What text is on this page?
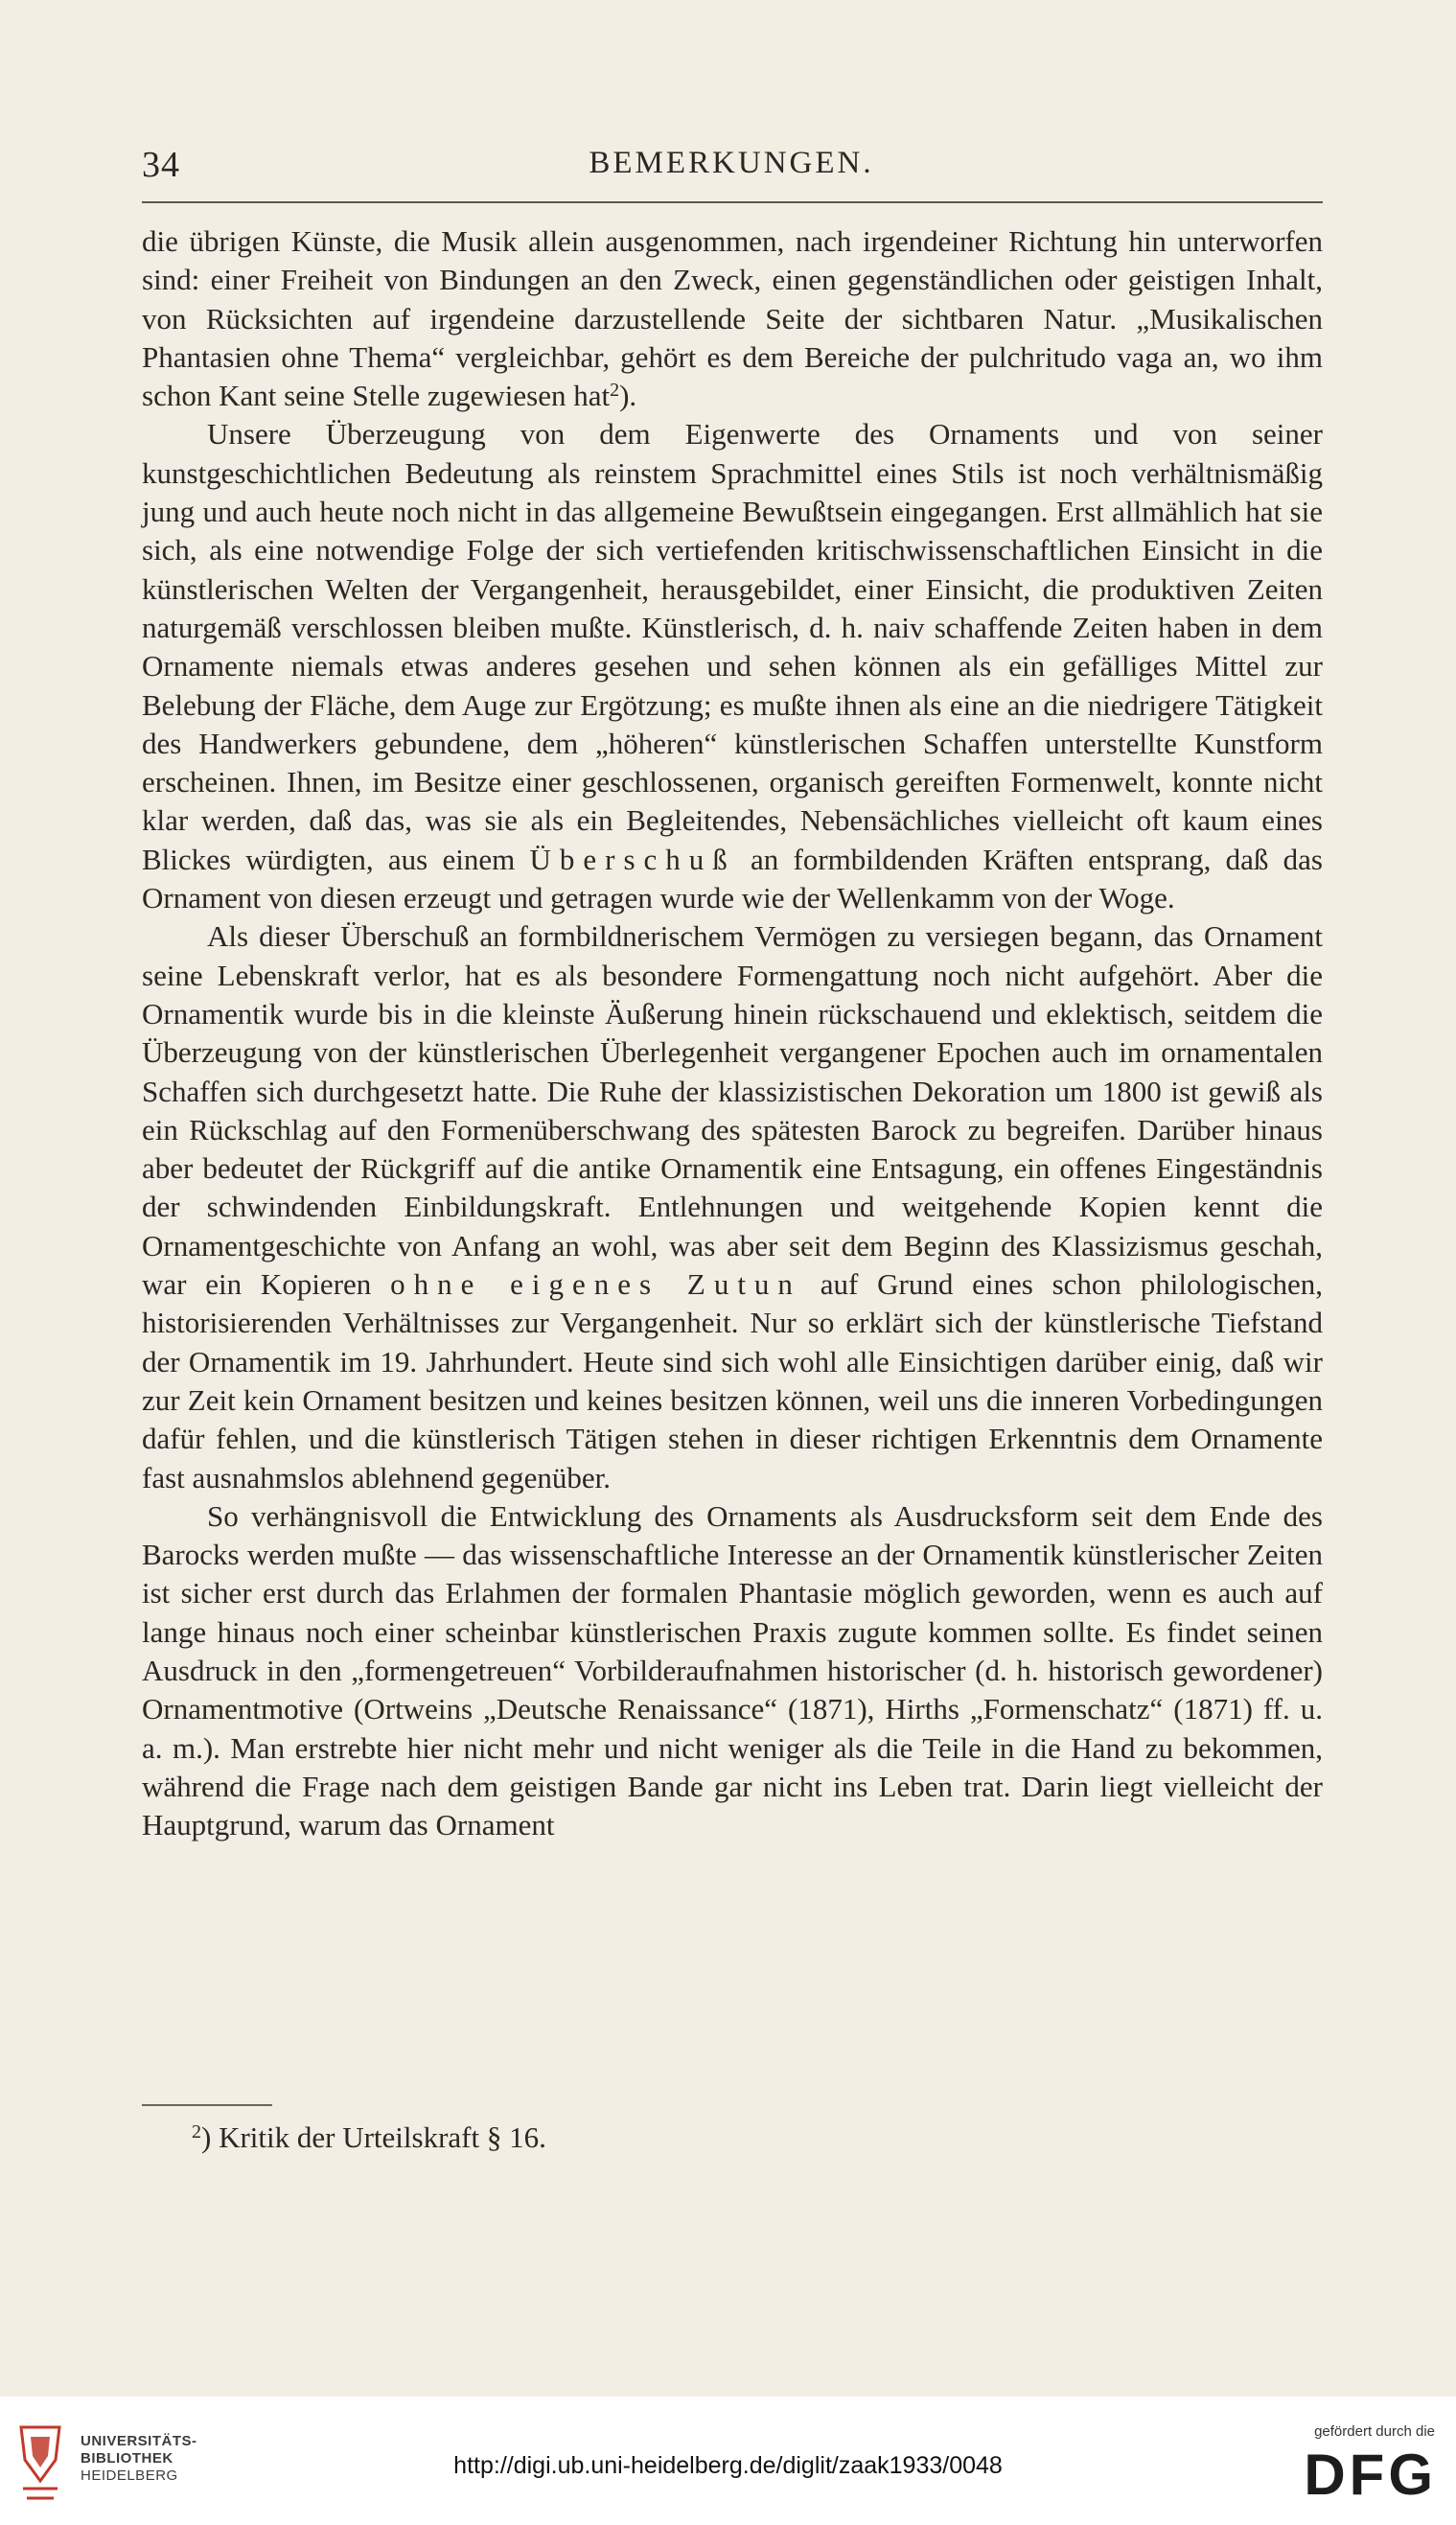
34	BEMERKUNGEN.

die übrigen Künste, die Musik allein ausgenommen, nach irgendeiner Richtung hin unterworfen sind: einer Freiheit von Bindungen an den Zweck, einen gegenständlichen oder geistigen Inhalt, von Rücksichten auf irgendeine darzustellende Seite der sichtbaren Natur. „Musikalischen Phantasien ohne Thema“ vergleichbar, gehört es dem Bereiche der pulchritudo vaga an, wo ihm schon Kant seine Stelle zugewiesen hat$^2$).

Unsere Überzeugung von dem Eigenwerte des Ornaments und von seiner kunstgeschichtlichen Bedeutung als reinstem Sprachmittel eines Stils ist noch verhältnismäßig jung und auch heute noch nicht in das allgemeine Bewußtsein eingegangen. Erst allmählich hat sie sich, als eine notwendige Folge der sich vertiefenden kritischwissenschaftlichen Einsicht in die künstlerischen Welten der Vergangenheit, herausgebildet, einer Einsicht, die produktiven Zeiten naturgemäß verschlossen bleiben mußte. Künstlerisch, d. h. naiv schaffende Zeiten haben in dem Ornamente niemals etwas anderes gesehen und sehen können als ein gefälliges Mittel zur Belebung der Fläche, dem Auge zur Ergötzung; es mußte ihnen als eine an die niedrigere Tätigkeit des Handwerkers gebundene, dem „höheren“ künstlerischen Schaffen unterstellte Kunstform erscheinen. Ihnen, im Besitze einer geschlossenen, organisch gereiften Formenwelt, konnte nicht klar werden, daß das, was sie als ein Begleitendes, Nebensächliches vielleicht oft kaum eines Blickes würdigten, aus einem Überschuß an formbildenden Kräften entsprang, daß das Ornament von diesen erzeugt und getragen wurde wie der Wellenkamm von der Woge.

Als dieser Überschuß an formbildnerischem Vermögen zu versiegen begann, das Ornament seine Lebenskraft verlor, hat es als besondere Formengattung noch nicht aufgehört. Aber die Ornamentik wurde bis in die kleinste Äußerung hinein rückschauend und eklektisch, seitdem die Überzeugung von der künstlerischen Überlegenheit vergangener Epochen auch im ornamentalen Schaffen sich durchgesetzt hatte. Die Ruhe der klassizistischen Dekoration um 1800 ist gewiß als ein Rückschlag auf den Formenüberschwang des spätesten Barock zu begreifen. Darüber hinaus aber bedeutet der Rückgriff auf die antike Ornamentik eine Entsagung, ein offenes Eingeständnis der schwindenden Einbildungskraft. Entlehnungen und weitgehende Kopien kennt die Ornamentgeschichte von Anfang an wohl, was aber seit dem Beginn des Klassizismus geschah, war ein Kopieren ohne eigenes Zutun auf Grund eines schon philologischen, historisierenden Verhältnisses zur Vergangenheit. Nur so erklärt sich der künstlerische Tiefstand der Ornamentik im 19. Jahrhundert. Heute sind sich wohl alle Einsichtigen darüber einig, daß wir zur Zeit kein Ornament besitzen und keines besitzen können, weil uns die inneren Vorbedingungen dafür fehlen, und die künstlerisch Tätigen stehen in dieser richtigen Erkenntnis dem Ornamente fast ausnahmslos ablehnend gegenüber.

So verhängnisvoll die Entwicklung des Ornaments als Ausdrucksform seit dem Ende des Barocks werden mußte — das wissenschaftliche Interesse an der Ornamentik künstlerischer Zeiten ist sicher erst durch das Erlahmen der formalen Phantasie möglich geworden, wenn es auch auf lange hinaus noch einer scheinbar künstlerischen Praxis zugute kommen sollte. Es findet seinen Ausdruck in den „formengetreuen“ Vorbilderaufnahmen historischer (d. h. historisch gewordener) Ornamentmotive (Ortweins „Deutsche Renaissance“ (1871), Hirths „Formenschatz“ (1871) ff. u. a. m.). Man erstrebte hier nicht mehr und nicht weniger als die Teile in die Hand zu bekommen, während die Frage nach dem geistigen Bande gar nicht ins Leben trat. Darin liegt vielleicht der Hauptgrund, warum das Ornament

$^2$) Kritik der Urteilskraft § 16.
UNIVERSITÄTS-
BIBLIOTHEK
HEIDELBERG	http://digi.ub.uni-heidelberg.de/diglit/zaak1933/0048
gefördert durch die
DFG
